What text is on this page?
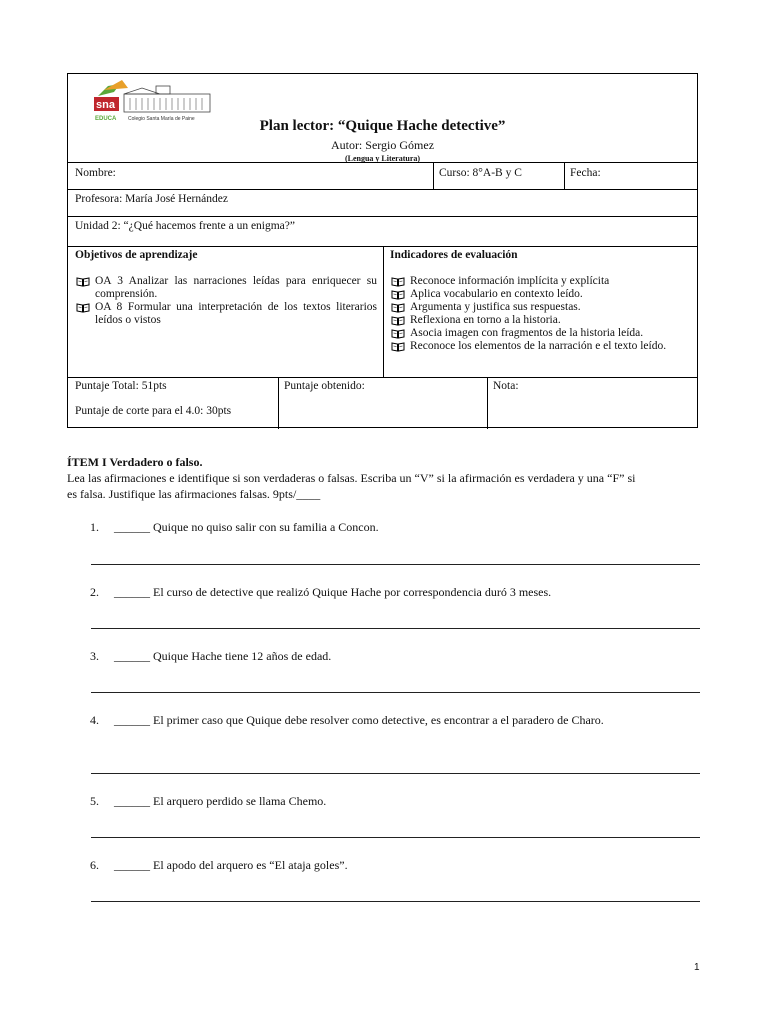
sna
EDUCA Colegio Santa María de Paine	Plan lector: “Quique Hache detective”
Autor: Sergio Gómez
(Lengua y Literatura)
Nombre:	Curso: 8°A-B y C	Fecha:
Profesora: María José Hernández
Unidad 2: “¿Qué hacemos frente a un enigma?”
Objetivos de aprendizaje
OA 3 Analizar las narraciones leídas para enriquecer su comprensión.
OA 8 Formular una interpretación de los textos literarios leídos o vistos
Indicadores de evaluación
Reconoce información implícita y explícita
Aplica vocabulario en contexto leído.
Argumenta y justifica sus respuestas.
Reflexiona en torno a la historia.
Asocia imagen con fragmentos de la historia leída.
Reconoce los elementos de la narración e el texto leído.
Puntaje Total: 51pts
Puntaje de corte para el 4.0: 30pts
Puntaje obtenido:	Nota:
ÍTEM I Verdadero o falso.
Lea las afirmaciones e identifique si son verdaderas o falsas. Escriba un “V” si la afirmación es verdadera y una “F” si es falsa. Justifique las afirmaciones falsas. 9pts/____
1. ______ Quique no quiso salir con su familia a Concon.
2. ______ El curso de detective que realizó Quique Hache por correspondencia duró 3 meses.
3. ______ Quique Hache tiene 12 años de edad.
4. ______ El primer caso que Quique debe resolver como detective, es encontrar a el paradero de Charo.
5. ______ El arquero perdido se llama Chemo.
6. ______ El apodo del arquero es “El ataja goles”.
1
